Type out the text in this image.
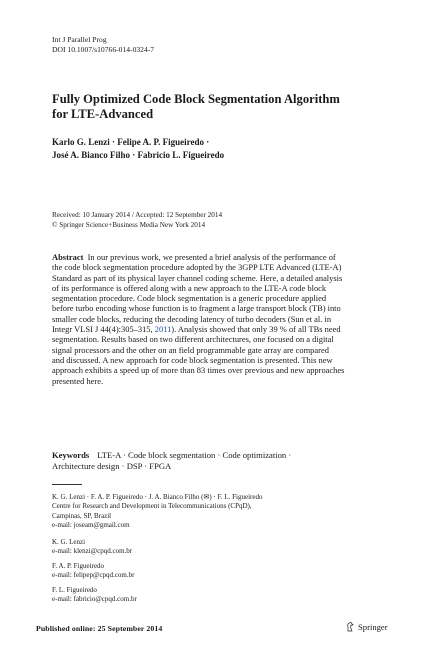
Int J Parallel Prog
DOI 10.1007/s10766-014-0324-7
Fully Optimized Code Block Segmentation Algorithm
for LTE-Advanced
Karlo G. Lenzi · Felipe A. P. Figueiredo ·
José A. Bianco Filho · Fabricio L. Figueiredo
Received: 10 January 2014 / Accepted: 12 September 2014
© Springer Science+Business Media New York 2014
Abstract In our previous work, we presented a brief analysis of the performance of
the code block segmentation procedure adopted by the 3GPP LTE Advanced (LTE-A)
Standard as part of its physical layer channel coding scheme. Here, a detailed analysis
of its performance is offered along with a new approach to the LTE-A code block
segmentation procedure. Code block segmentation is a generic procedure applied
before turbo encoding whose function is to fragment a large transport block (TB) into
smaller code blocks, reducing the decoding latency of turbo decoders (Sun et al. in
Integr VLSI J 44(4):305–315, 2011). Analysis showed that only 39 % of all TBs need
segmentation. Results based on two different architectures, one focused on a digital
signal processors and the other on an field programmable gate array are compared
and discussed. A new approach for code block segmentation is presented. This new
approach exhibits a speed up of more than 83 times over previous and new approaches
presented here.
Keywords LTE-A · Code block segmentation · Code optimization ·
Architecture design · DSP · FPGA
K. G. Lenzi · F. A. P. Figueiredo · J. A. Bianco Filho (✉) · F. L. Figueiredo
Centre for Research and Development in Telecommunications (CPqD),
Campinas, SP, Brazil
e-mail: joseam@gmail.com
K. G. Lenzi
e-mail: klenzi@cpqd.com.br
F. A. P. Figueiredo
e-mail: felipep@cpqd.com.br
F. L. Figueiredo
e-mail: fabricio@cpqd.com.br
Published online: 25 September 2014	Springer
